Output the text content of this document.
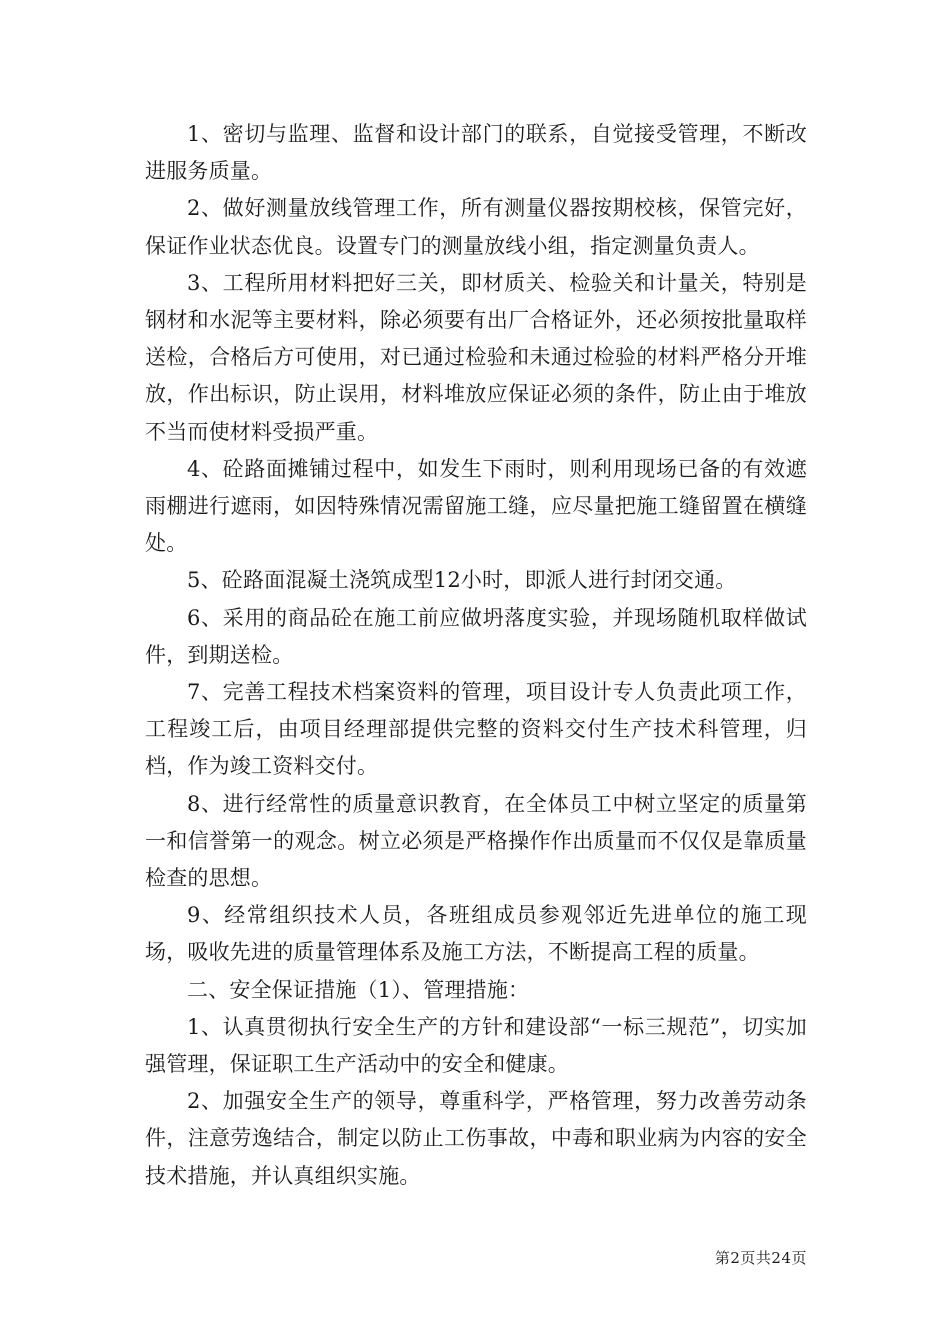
1、密切与监理、监督和设计部门的联系，自觉接受管理，不断改进服务质量。

2、做好测量放线管理工作，所有测量仪器按期校核，保管完好，保证作业状态优良。设置专门的测量放线小组，指定测量负责人。

3、工程所用材料把好三关，即材质关、检验关和计量关，特别是钢材和水泥等主要材料，除必须要有出厂合格证外，还必须按批量取样送检，合格后方可使用，对已通过检验和未通过检验的材料严格分开堆放，作出标识，防止误用，材料堆放应保证必须的条件，防止由于堆放不当而使材料受损严重。

4、砼路面摊铺过程中，如发生下雨时，则利用现场已备的有效遮雨棚进行遮雨，如因特殊情况需留施工缝，应尽量把施工缝留置在横缝处。

5、砼路面混凝土浇筑成型12小时，即派人进行封闭交通。

6、采用的商品砼在施工前应做坍落度实验，并现场随机取样做试件，到期送检。

7、完善工程技术档案资料的管理，项目设计专人负责此项工作，工程竣工后，由项目经理部提供完整的资料交付生产技术科管理，归档，作为竣工资料交付。

8、进行经常性的质量意识教育，在全体员工中树立坚定的质量第一和信誉第一的观念。树立必须是严格操作作出质量而不仅仅是靠质量检查的思想。

9、经常组织技术人员，各班组成员参观邻近先进单位的施工现场，吸收先进的质量管理体系及施工方法，不断提高工程的质量。

二、安全保证措施（1）、管理措施：

1、认真贯彻执行安全生产的方针和建设部“一标三规范”，切实加强管理，保证职工生产活动中的安全和健康。

2、加强安全生产的领导，尊重科学，严格管理，努力改善劳动条件，注意劳逸结合，制定以防止工伤事故，中毒和职业病为内容的安全技术措施，并认真组织实施。

第2页共24页
